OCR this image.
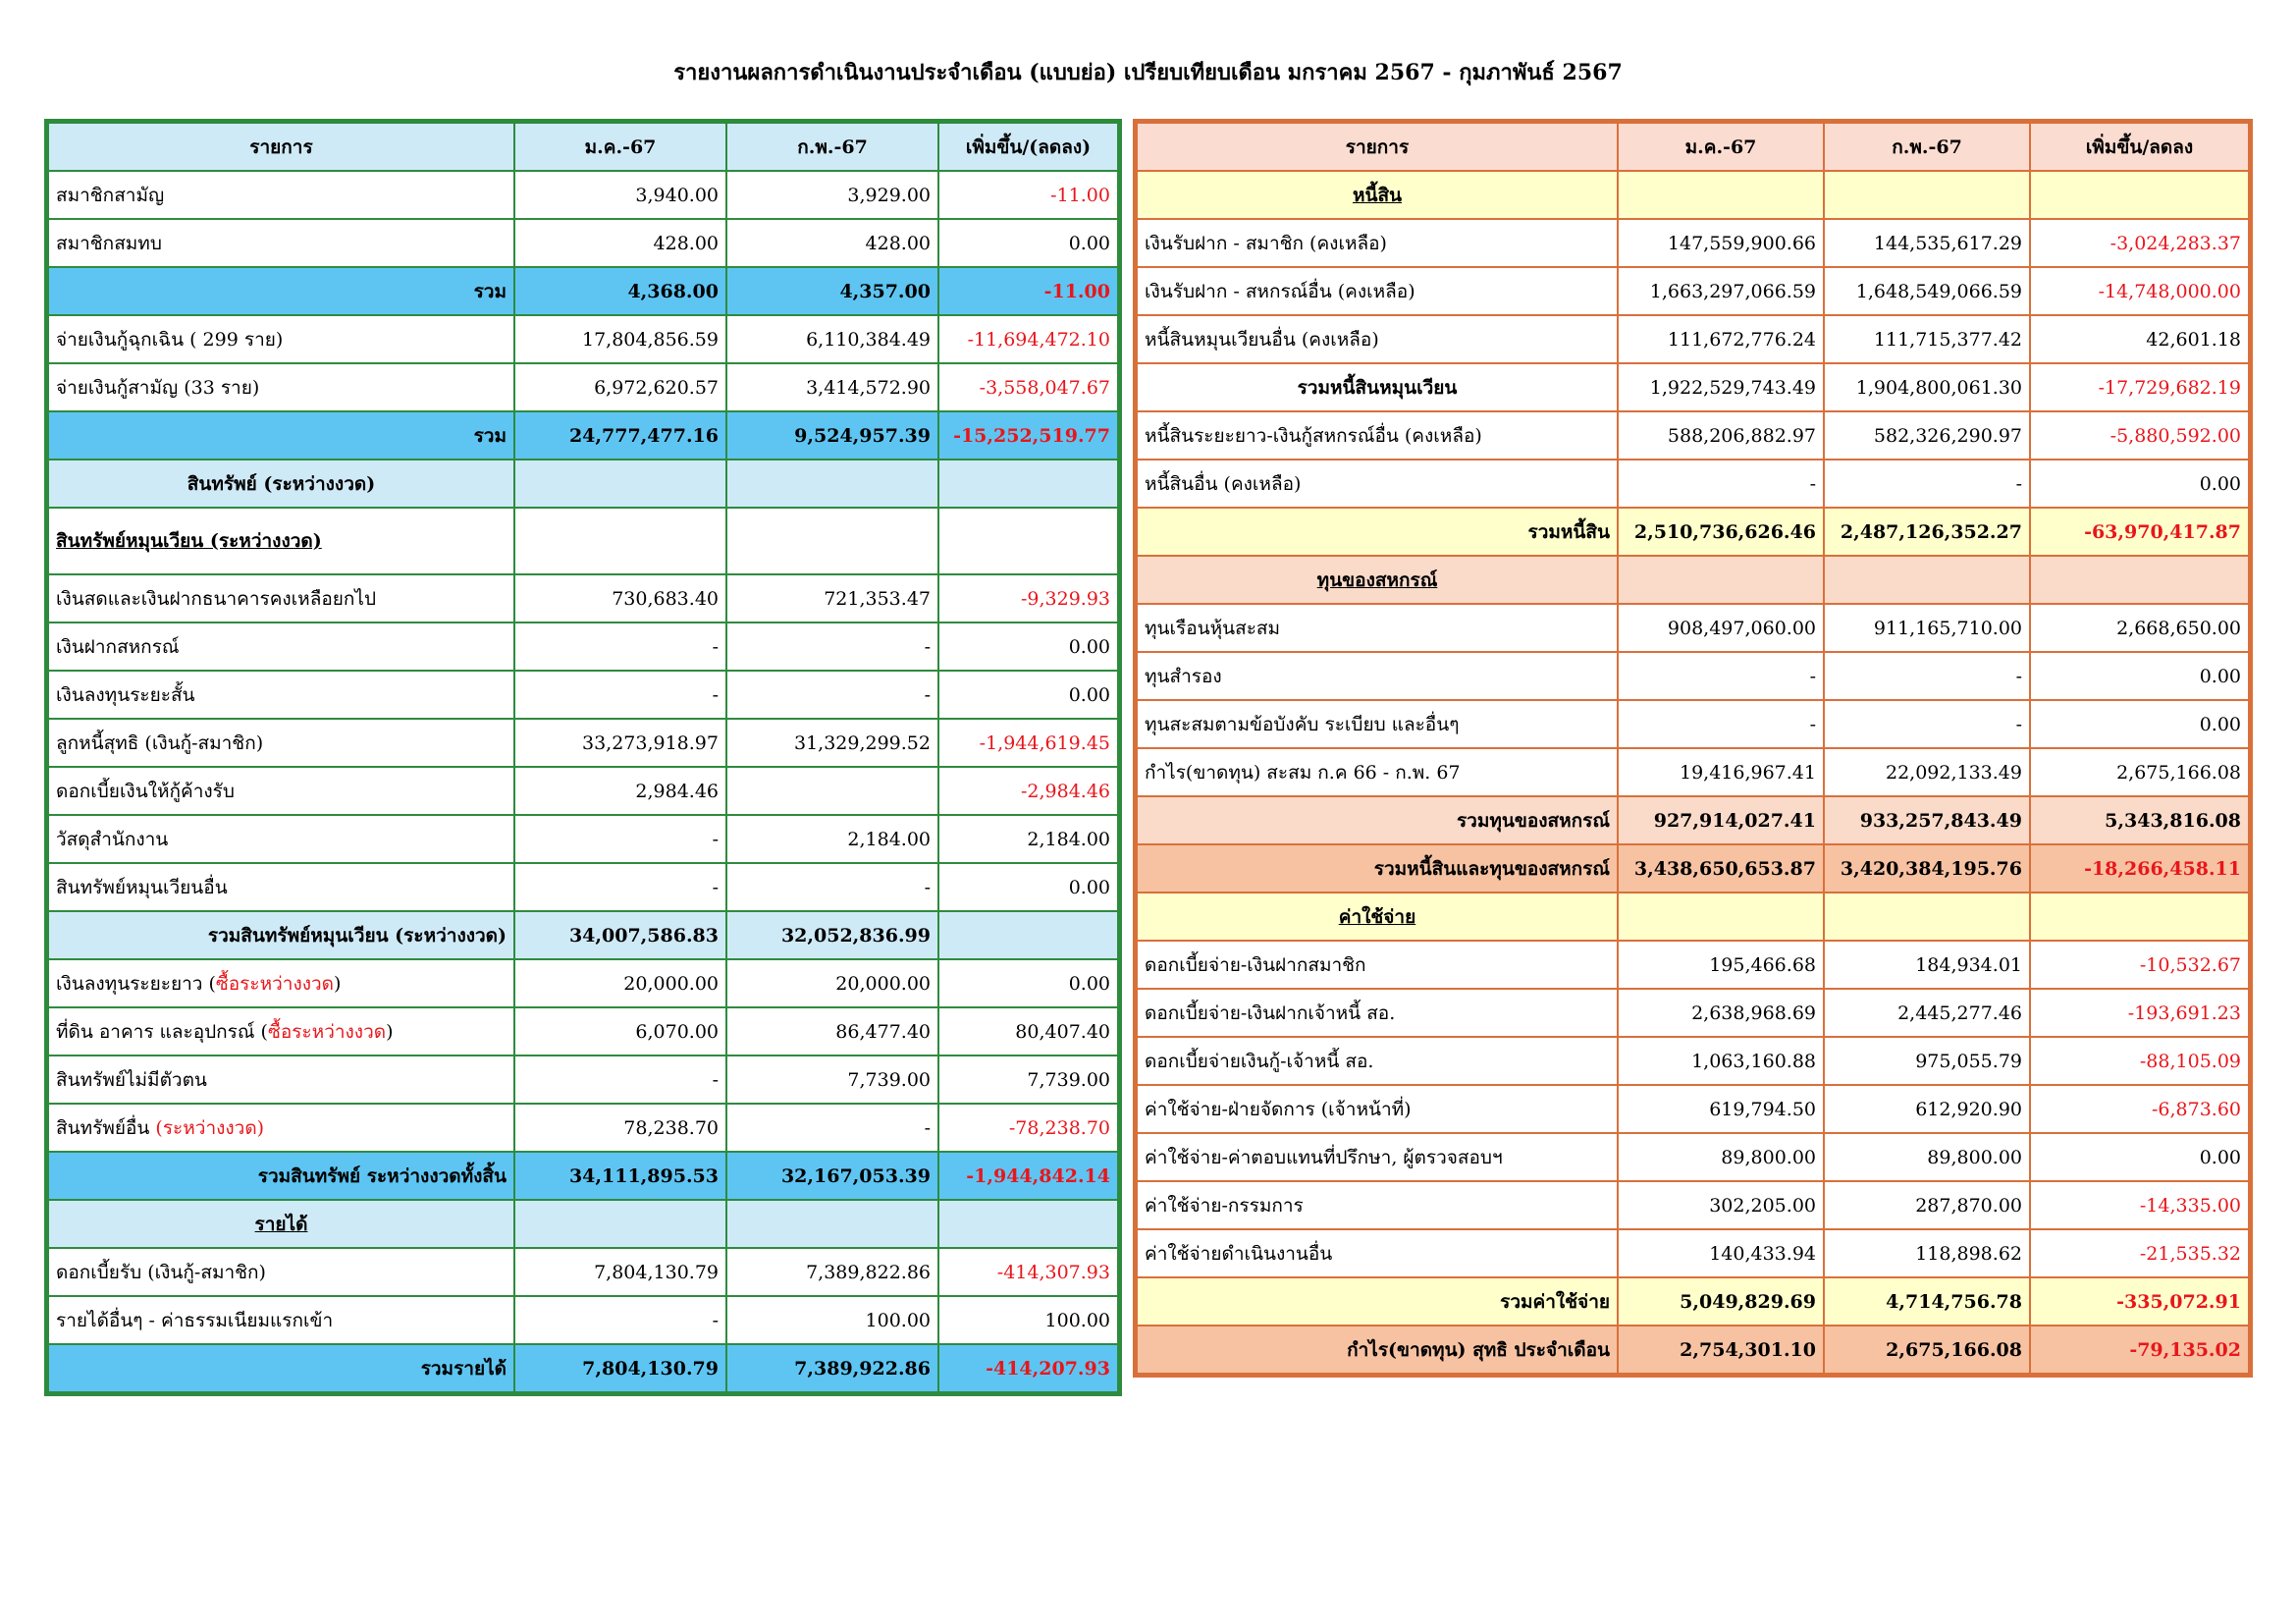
รายงานผลการดำเนินงานประจำเดือน (แบบย่อ) เปรียบเทียบเดือน มกราคม 2567 - กุมภาพันธ์ 2567
รายการ	ม.ค.-67	ก.พ.-67	เพิ่มขึ้น/(ลดลง)
สมาชิกสามัญ	3,940.00	3,929.00	-11.00
สมาชิกสมทบ	428.00	428.00	0.00
รวม	4,368.00	4,357.00	-11.00
จ่ายเงินกู้ฉุกเฉิน ( 299 ราย)	17,804,856.59	6,110,384.49	-11,694,472.10
จ่ายเงินกู้สามัญ (33 ราย)	6,972,620.57	3,414,572.90	-3,558,047.67
รวม	24,777,477.16	9,524,957.39	-15,252,519.77
สินทรัพย์ (ระหว่างงวด)			
สินทรัพย์หมุนเวียน (ระหว่างงวด)			
เงินสดและเงินฝากธนาคารคงเหลือยกไป	730,683.40	721,353.47	-9,329.93
เงินฝากสหกรณ์	-	-	0.00
เงินลงทุนระยะสั้น	-	-	0.00
ลูกหนี้สุทธิ (เงินกู้-สมาชิก)	33,273,918.97	31,329,299.52	-1,944,619.45
ดอกเบี้ยเงินให้กู้ค้างรับ	2,984.46		-2,984.46
วัสดุสำนักงาน	-	2,184.00	2,184.00
สินทรัพย์หมุนเวียนอื่น	-	-	0.00
รวมสินทรัพย์หมุนเวียน (ระหว่างงวด)	34,007,586.83	32,052,836.99	
เงินลงทุนระยะยาว (ซื้อระหว่างงวด)	20,000.00	20,000.00	0.00
ที่ดิน อาคาร และอุปกรณ์ (ซื้อระหว่างงวด)	6,070.00	86,477.40	80,407.40
สินทรัพย์ไม่มีตัวตน	-	7,739.00	7,739.00
สินทรัพย์อื่น (ระหว่างงวด)	78,238.70	-	-78,238.70
รวมสินทรัพย์ ระหว่างงวดทั้งสิ้น	34,111,895.53	32,167,053.39	-1,944,842.14
รายได้			
ดอกเบี้ยรับ (เงินกู้-สมาชิก)	7,804,130.79	7,389,822.86	-414,307.93
รายได้อื่นๆ - ค่าธรรมเนียมแรกเข้า	-	100.00	100.00
รวมรายได้	7,804,130.79	7,389,922.86	-414,207.93
รายการ	ม.ค.-67	ก.พ.-67	เพิ่มขึ้น/ลดลง
หนี้สิน			
เงินรับฝาก - สมาชิก (คงเหลือ)	147,559,900.66	144,535,617.29	-3,024,283.37
เงินรับฝาก - สหกรณ์อื่น (คงเหลือ)	1,663,297,066.59	1,648,549,066.59	-14,748,000.00
หนี้สินหมุนเวียนอื่น (คงเหลือ)	111,672,776.24	111,715,377.42	42,601.18
รวมหนี้สินหมุนเวียน	1,922,529,743.49	1,904,800,061.30	-17,729,682.19
หนี้สินระยะยาว-เงินกู้สหกรณ์อื่น (คงเหลือ)	588,206,882.97	582,326,290.97	-5,880,592.00
หนี้สินอื่น (คงเหลือ)	-	-	0.00
รวมหนี้สิน	2,510,736,626.46	2,487,126,352.27	-63,970,417.87
ทุนของสหกรณ์			
ทุนเรือนหุ้นสะสม	908,497,060.00	911,165,710.00	2,668,650.00
ทุนสำรอง	-	-	0.00
ทุนสะสมตามข้อบังคับ ระเบียบ และอื่นๆ	-	-	0.00
กำไร(ขาดทุน) สะสม ก.ค 66 - ก.พ. 67	19,416,967.41	22,092,133.49	2,675,166.08
รวมทุนของสหกรณ์	927,914,027.41	933,257,843.49	5,343,816.08
รวมหนี้สินและทุนของสหกรณ์	3,438,650,653.87	3,420,384,195.76	-18,266,458.11
ค่าใช้จ่าย			
ดอกเบี้ยจ่าย-เงินฝากสมาชิก	195,466.68	184,934.01	-10,532.67
ดอกเบี้ยจ่าย-เงินฝากเจ้าหนี้ สอ.	2,638,968.69	2,445,277.46	-193,691.23
ดอกเบี้ยจ่ายเงินกู้-เจ้าหนี้ สอ.	1,063,160.88	975,055.79	-88,105.09
ค่าใช้จ่าย-ฝ่ายจัดการ (เจ้าหน้าที่)	619,794.50	612,920.90	-6,873.60
ค่าใช้จ่าย-ค่าตอบแทนที่ปรึกษา, ผู้ตรวจสอบฯ	89,800.00	89,800.00	0.00
ค่าใช้จ่าย-กรรมการ	302,205.00	287,870.00	-14,335.00
ค่าใช้จ่ายดำเนินงานอื่น	140,433.94	118,898.62	-21,535.32
รวมค่าใช้จ่าย	5,049,829.69	4,714,756.78	-335,072.91
กำไร(ขาดทุน) สุทธิ ประจำเดือน	2,754,301.10	2,675,166.08	-79,135.02
